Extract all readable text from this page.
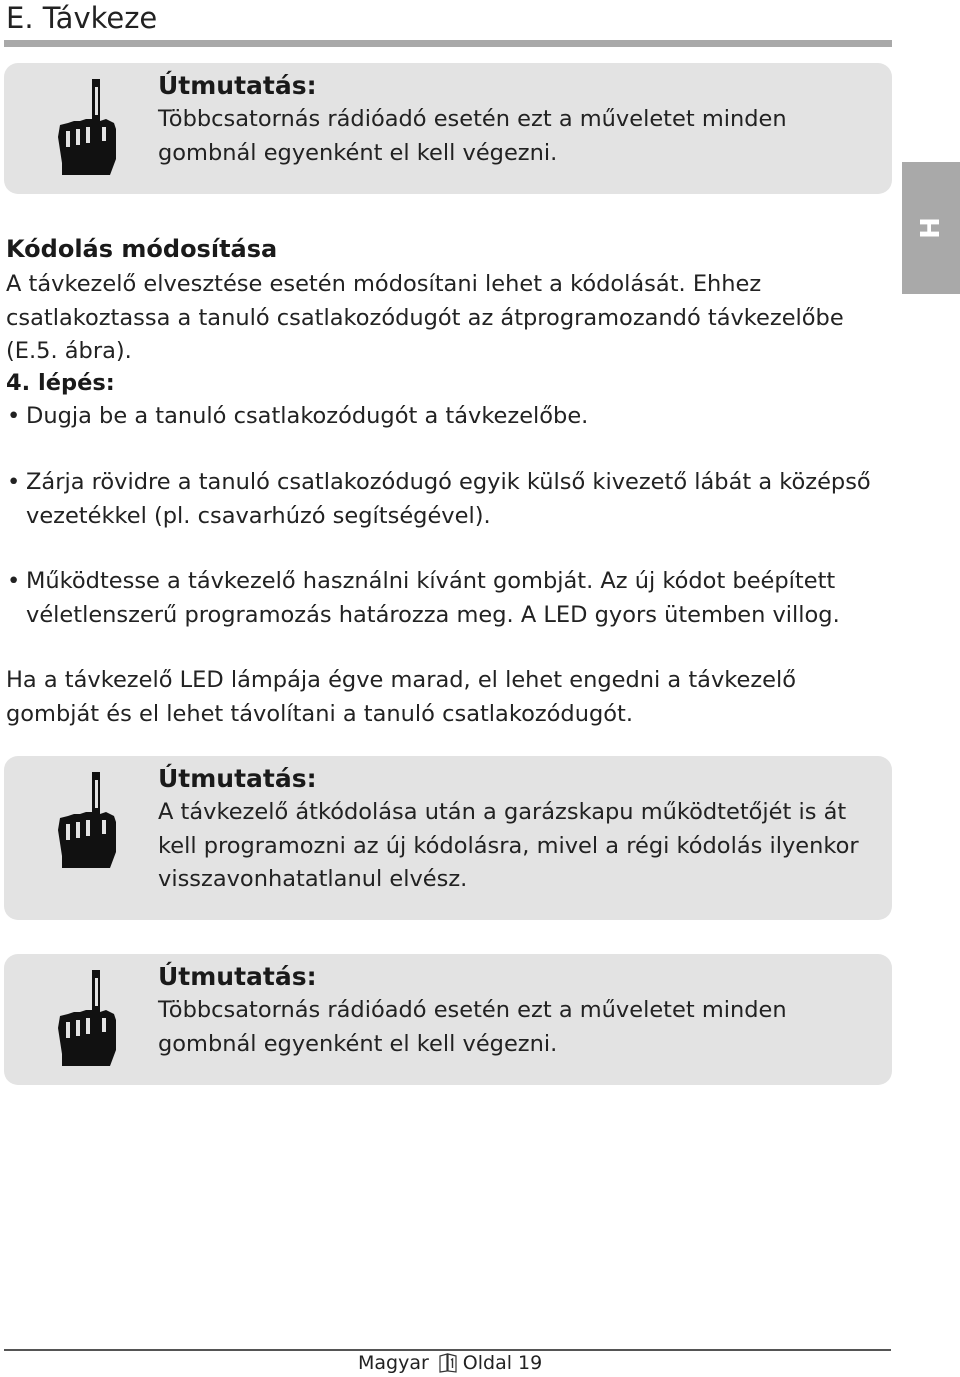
E. Távkeze
H
Útmutatás:
Többcsatornás rádióadó esetén ezt a műveletet minden gombnál egyenként el kell végezni.
Kódolás módosítása
A távkezelő elvesztése esetén módosítani lehet a kódolását. Ehhez csatlakoztassa a tanuló csatlakozódugót az átprogramozandó távkezelőbe (E.5. ábra).
4. lépés:
• Dugja be a tanuló csatlakozódugót a távkezelőbe.
• Zárja rövidre a tanuló csatlakozódugó egyik külső kivezető lábát a középső vezetékkel (pl. csavarhúzó segítségével).
• Működtesse a távkezelő használni kívánt gombját. Az új kódot beépített véletlenszerű programozás határozza meg. A LED gyors ütemben villog.
Ha a távkezelő LED lámpája égve marad, el lehet engedni a távkezelő gombját és el lehet távolítani a tanuló csatlakozódugót.
Útmutatás:
A távkezelő átkódolása után a garázskapu működtetőjét is át kell programozni az új kódolásra, mivel a régi kódolás ilyenkor visszavonhatatlanul elvész.
Útmutatás:
Többcsatornás rádióadó esetén ezt a műveletet minden gombnál egyenként el kell végezni.
Magyar Oldal 19
